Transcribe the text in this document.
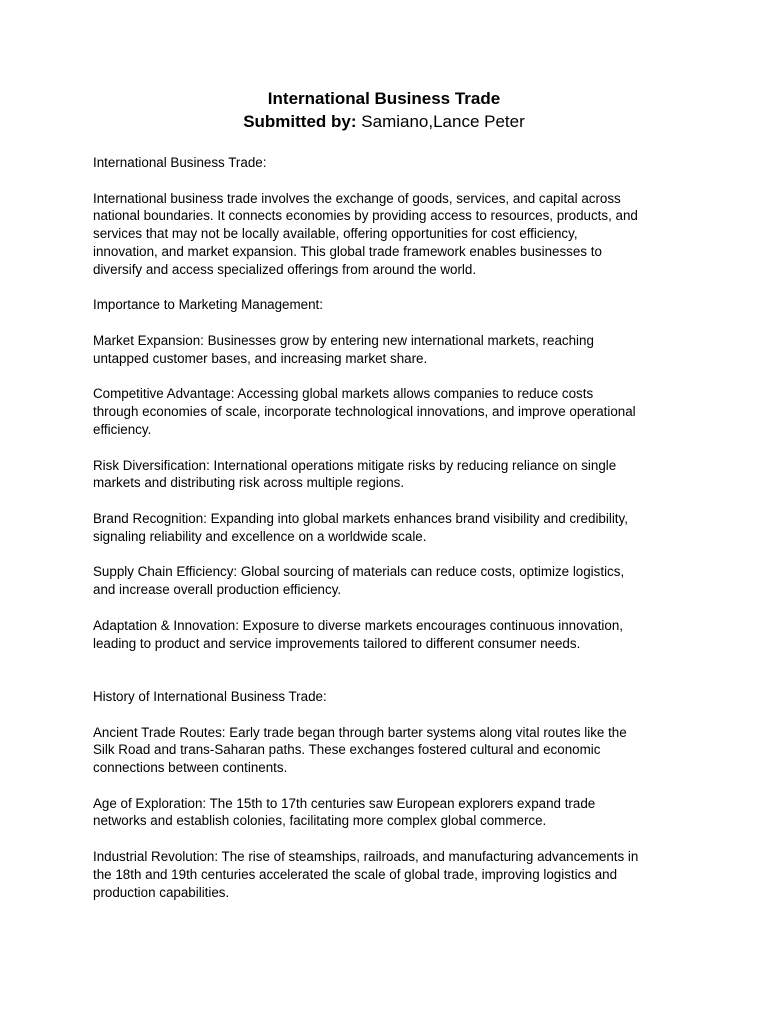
International Business Trade
Submitted by: Samiano,Lance Peter
International Business Trade:
International business trade involves the exchange of goods, services, and capital across
national boundaries. It connects economies by providing access to resources, products, and
services that may not be locally available, offering opportunities for cost efficiency,
innovation, and market expansion. This global trade framework enables businesses to
diversify and access specialized offerings from around the world.
Importance to Marketing Management:
Market Expansion: Businesses grow by entering new international markets, reaching
untapped customer bases, and increasing market share.
Competitive Advantage: Accessing global markets allows companies to reduce costs
through economies of scale, incorporate technological innovations, and improve operational
efficiency.
Risk Diversification: International operations mitigate risks by reducing reliance on single
markets and distributing risk across multiple regions.
Brand Recognition: Expanding into global markets enhances brand visibility and credibility,
signaling reliability and excellence on a worldwide scale.
Supply Chain Efficiency: Global sourcing of materials can reduce costs, optimize logistics,
and increase overall production efficiency.
Adaptation & Innovation: Exposure to diverse markets encourages continuous innovation,
leading to product and service improvements tailored to different consumer needs.
History of International Business Trade:
Ancient Trade Routes: Early trade began through barter systems along vital routes like the
Silk Road and trans-Saharan paths. These exchanges fostered cultural and economic
connections between continents.
Age of Exploration: The 15th to 17th centuries saw European explorers expand trade
networks and establish colonies, facilitating more complex global commerce.
Industrial Revolution: The rise of steamships, railroads, and manufacturing advancements in
the 18th and 19th centuries accelerated the scale of global trade, improving logistics and
production capabilities.
